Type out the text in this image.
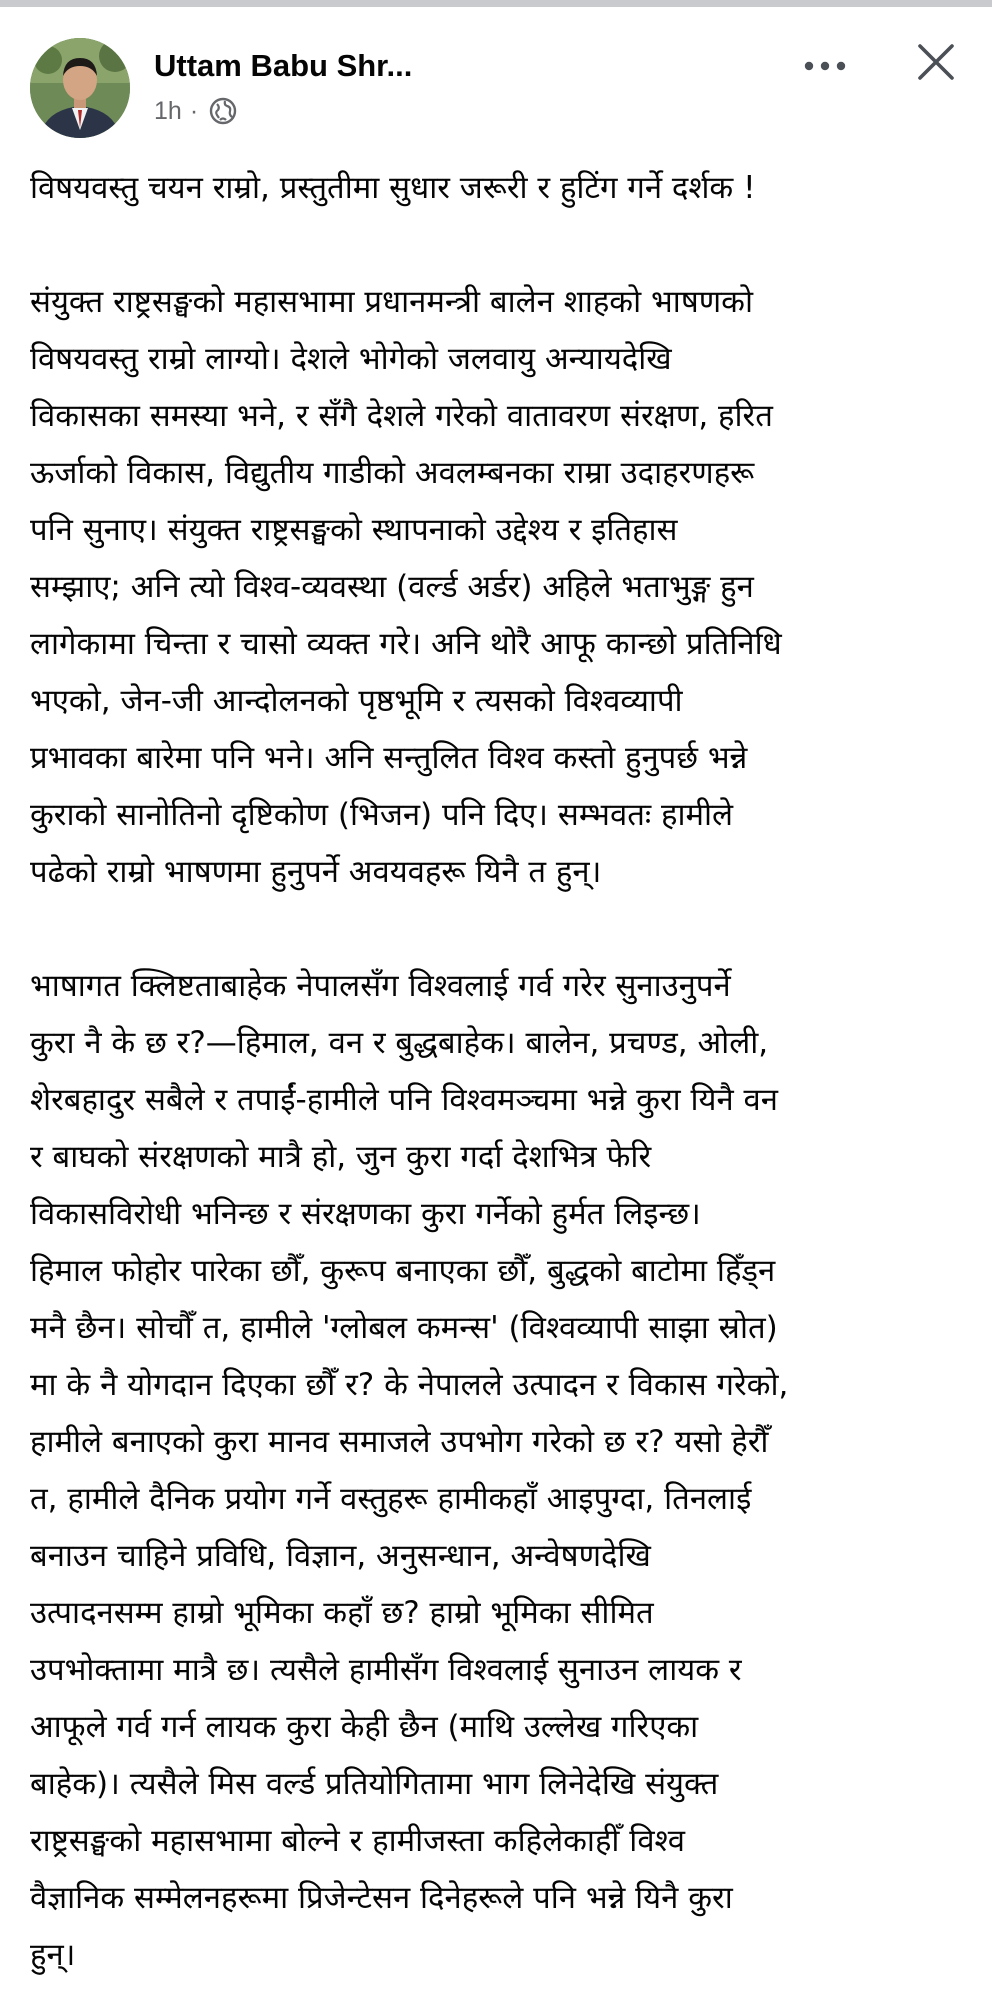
Uttam Babu Shr...
1h ·

विषयवस्तु चयन राम्राे, प्रस्तुतीमा सुधार जरूरी र हुटिंग गर्ने दर्शक !

संयुक्त राष्ट्रसङ्घको महासभामा प्रधानमन्त्री बालेन शाहको भाषणको
विषयवस्तु राम्रो लाग्यो। देशले भोगेको जलवायु अन्यायदेखि
विकासका समस्या भने, र सँगै देशले गरेको वातावरण संरक्षण, हरित
ऊर्जाको विकास, विद्युतीय गाडीको अवलम्बनका राम्रा उदाहरणहरू
पनि सुनाए। संयुक्त राष्ट्रसङ्घको स्थापनाको उद्देश्य र इतिहास
सम्झाए; अनि त्यो विश्व-व्यवस्था (वर्ल्ड अर्डर) अहिले भताभुङ्ग हुन
लागेकामा चिन्ता र चासो व्यक्त गरे। अनि थोरै आफू कान्छो प्रतिनिधि
भएको, जेन-जी आन्दोलनको पृष्ठभूमि र त्यसको विश्वव्यापी
प्रभावका बारेमा पनि भने। अनि सन्तुलित विश्व कस्तो हुनुपर्छ भन्ने
कुराको सानोतिनो दृष्टिकोण (भिजन) पनि दिए। सम्भवतः हामीले
पढेको राम्रो भाषणमा हुनुपर्ने अवयवहरू यिनै त हुन्।

भाषागत क्लिष्टताबाहेक नेपालसँग विश्वलाई गर्व गरेर सुनाउनुपर्ने
कुरा नै के छ र?—हिमाल, वन र बुद्धबाहेक। बालेन, प्रचण्ड, ओली,
शेरबहादुर सबैले र तपाईं-हामीले पनि विश्वमञ्चमा भन्ने कुरा यिनै वन
र बाघको संरक्षणको मात्रै हो, जुन कुरा गर्दा देशभित्र फेरि
विकासविरोधी भनिन्छ र संरक्षणका कुरा गर्नेको हुर्मत लिइन्छ।
हिमाल फोहोर पारेका छौँ, कुरूप बनाएका छौँ, बुद्धको बाटोमा हिँड्न
मनै छैन। सोचौँ त, हामीले 'ग्लोबल कमन्स' (विश्वव्यापी साझा स्रोत)
मा के नै योगदान दिएका छौँ र? के नेपालले उत्पादन र विकास गरेको,
हामीले बनाएको कुरा मानव समाजले उपभोग गरेको छ र? यसो हेरौँ
त, हामीले दैनिक प्रयोग गर्ने वस्तुहरू हामीकहाँ आइपुग्दा, तिनलाई
बनाउन चाहिने प्रविधि, विज्ञान, अनुसन्धान, अन्वेषणदेखि
उत्पादनसम्म हाम्रो भूमिका कहाँ छ? हाम्रो भूमिका सीमित
उपभोक्तामा मात्रै छ। त्यसैले हामीसँग विश्वलाई सुनाउन लायक र
आफूले गर्व गर्न लायक कुरा केही छैन (माथि उल्लेख गरिएका
बाहेक)। त्यसैले मिस वर्ल्ड प्रतियोगितामा भाग लिनेदेखि संयुक्त
राष्ट्रसङ्घकाे महासभामा बाेल्ने र हामीजस्ता कहिलेकाहीँ विश्व
वैज्ञानिक सम्मेलनहरूमा प्रिजेन्टेसन दिनेहरूले पनि भन्ने यिनै कुरा
हुन्।
